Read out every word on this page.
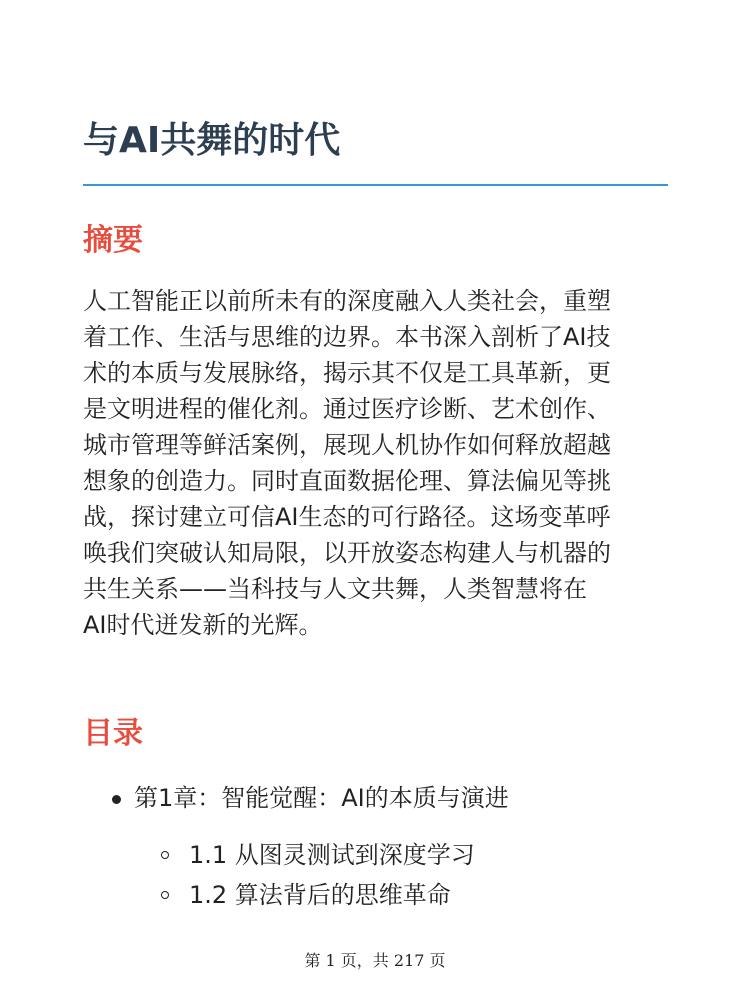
与AI共舞的时代
摘要

人工智能正以前所未有的深度融入人类社会，重塑
着工作、生活与思维的边界。本书深入剖析了AI技
术的本质与发展脉络，揭示其不仅是工具革新，更
是文明进程的催化剂。通过医疗诊断、艺术创作、
城市管理等鲜活案例，展现人机协作如何释放超越
想象的创造力。同时直面数据伦理、算法偏见等挑
战，探讨建立可信AI生态的可行路径。这场变革呼
唤我们突破认知局限，以开放姿态构建人与机器的
共生关系——当科技与人文共舞，人类智慧将在
AI时代迸发新的光辉。

目录
第1章：智能觉醒：AI的本质与演进
1.1 从图灵测试到深度学习
1.2 算法背后的思维革命
第 1 页，共 217 页
